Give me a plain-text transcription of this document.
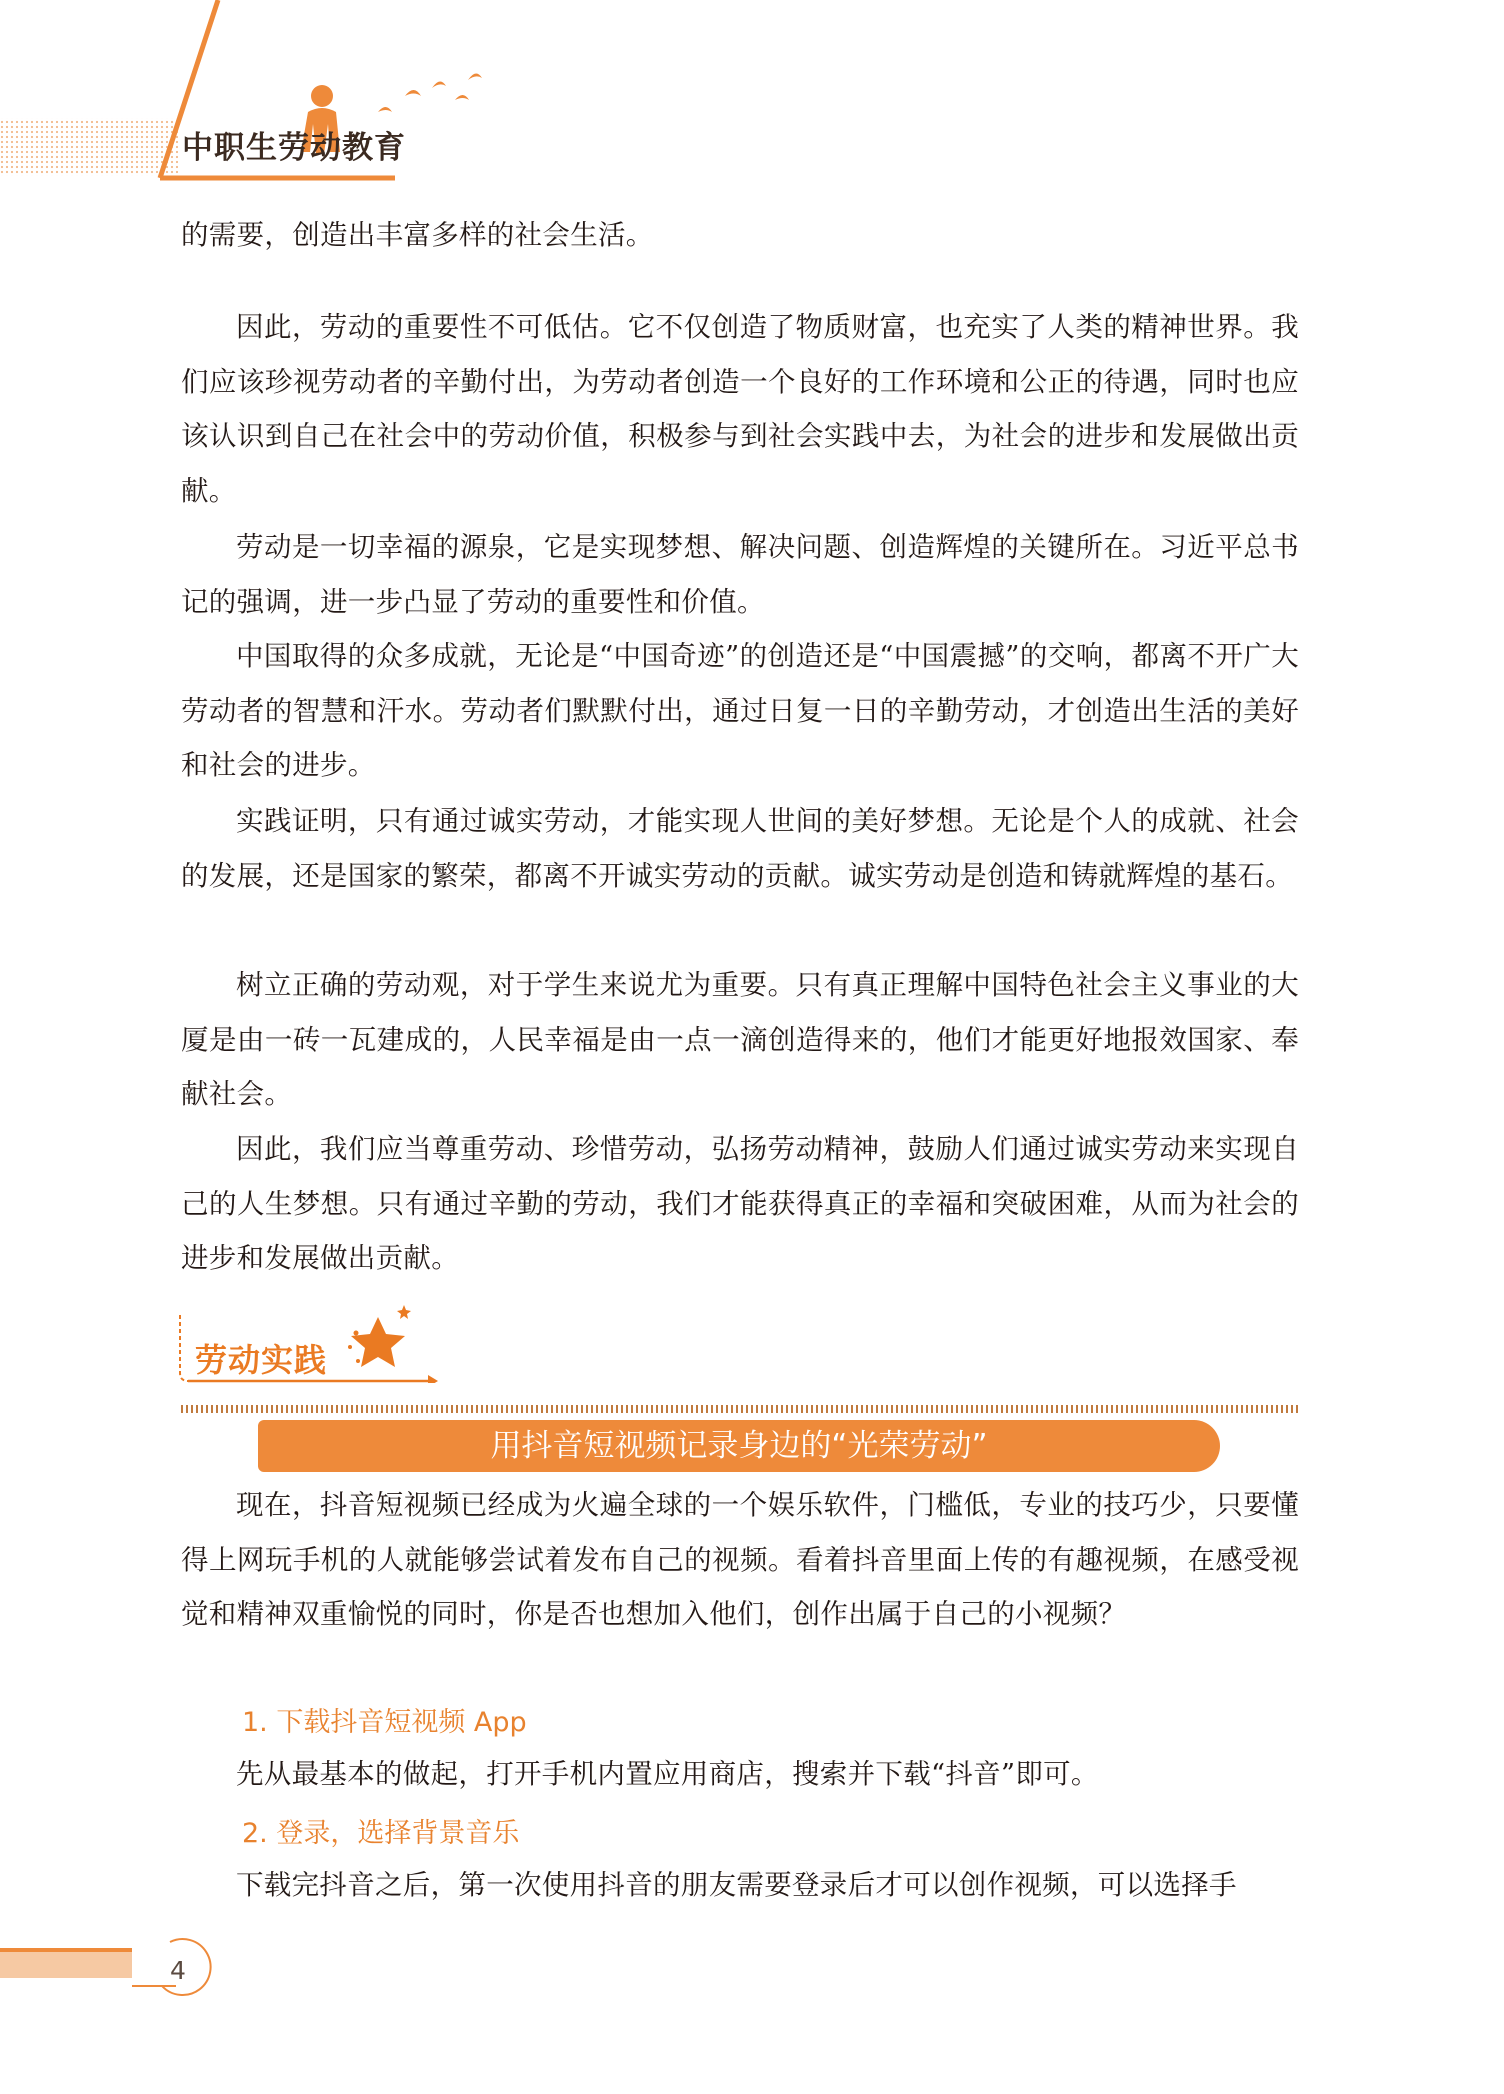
中职生劳动教育

的需要，创造出丰富多样的社会生活。

因此，劳动的重要性不可低估。它不仅创造了物质财富，也充实了人类的精神世界。我们应该珍视劳动者的辛勤付出，为劳动者创造一个良好的工作环境和公正的待遇，同时也应该认识到自己在社会中的劳动价值，积极参与到社会实践中去，为社会的进步和发展做出贡献。

劳动是一切幸福的源泉，它是实现梦想、解决问题、创造辉煌的关键所在。习近平总书记的强调，进一步凸显了劳动的重要性和价值。

中国取得的众多成就，无论是“中国奇迹”的创造还是“中国震撼”的交响，都离不开广大劳动者的智慧和汗水。劳动者们默默付出，通过日复一日的辛勤劳动，才创造出生活的美好和社会的进步。

实践证明，只有通过诚实劳动，才能实现人世间的美好梦想。无论是个人的成就、社会的发展，还是国家的繁荣，都离不开诚实劳动的贡献。诚实劳动是创造和铸就辉煌的基石。

树立正确的劳动观，对于学生来说尤为重要。只有真正理解中国特色社会主义事业的大厦是由一砖一瓦建成的，人民幸福是由一点一滴创造得来的，他们才能更好地报效国家、奉献社会。

因此，我们应当尊重劳动、珍惜劳动，弘扬劳动精神，鼓励人们通过诚实劳动来实现自己的人生梦想。只有通过辛勤的劳动，我们才能获得真正的幸福和突破困难，从而为社会的进步和发展做出贡献。

劳动实践
用抖音短视频记录身边的“光荣劳动”

现在，抖音短视频已经成为火遍全球的一个娱乐软件，门槛低，专业的技巧少，只要懂得上网玩手机的人就能够尝试着发布自己的视频。看着抖音里面上传的有趣视频，在感受视觉和精神双重愉悦的同时，你是否也想加入他们，创作出属于自己的小视频？

1. 下载抖音短视频 App

先从最基本的做起，打开手机内置应用商店，搜索并下载“抖音”即可。

2. 登录，选择背景音乐

下载完抖音之后，第一次使用抖音的朋友需要登录后才可以创作视频，可以选择手

4
